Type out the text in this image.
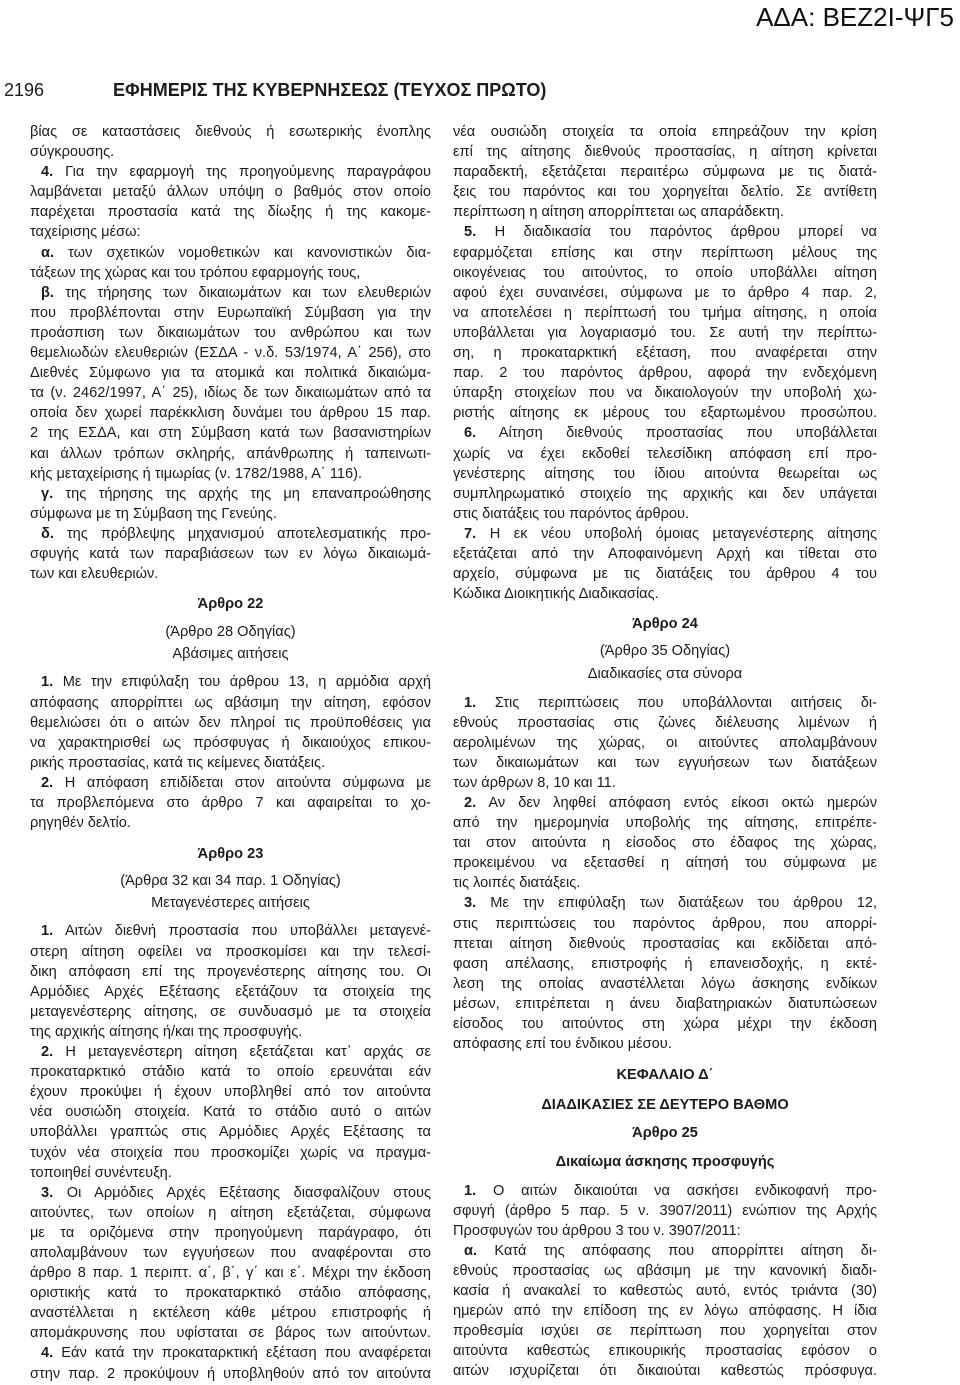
ΑΔΑ: ΒΕΖ2Ι-ΨΓ5
2196	ΕΦΗΜΕΡΙΣ ΤΗΣ ΚΥΒΕΡΝΗΣΕΩΣ (ΤΕΥΧΟΣ ΠΡΩΤΟ)
βίας σε καταστάσεις διεθνούς ή εσωτερικής ένοπλης
σύγκρουσης.
4. Για την εφαρμογή της προηγούμενης παραγράφου
λαμβάνεται μεταξύ άλλων υπόψη ο βαθμός στον οποίο
παρέχεται προστασία κατά της δίωξης ή της κακομε-
ταχείρισης μέσω:
α. των σχετικών νομοθετικών και κανονιστικών δια-
τάξεων της χώρας και του τρόπου εφαρμογής τους,
β. της τήρησης των δικαιωμάτων και των ελευθεριών
που προβλέπονται στην Ευρωπαϊκή Σύμβαση για την
προάσπιση των δικαιωμάτων του ανθρώπου και των
θεμελιωδών ελευθεριών (ΕΣΔΑ - ν.δ. 53/1974, Α΄ 256), στο
Διεθνές Σύμφωνο για τα ατομικά και πολιτικά δικαιώμα-
τα (ν. 2462/1997, Α΄ 25), ιδίως δε των δικαιωμάτων από τα
οποία δεν χωρεί παρέκκλιση δυνάμει του άρθρου 15 παρ.
2 της ΕΣΔΑ, και στη Σύμβαση κατά των βασανιστηρίων
και άλλων τρόπων σκληρής, απάνθρωπης ή ταπεινωτι-
κής μεταχείρισης ή τιμωρίας (ν. 1782/1988, Α΄ 116).
γ. της τήρησης της αρχής της μη επαναπροώθησης
σύμφωνα με τη Σύμβαση της Γενεύης.
δ. της πρόβλεψης μηχανισμού αποτελεσματικής προ-
σφυγής κατά των παραβιάσεων των εν λόγω δικαιωμά-
των και ελευθεριών.
Άρθρο 22
(Άρθρο 28 Οδηγίας)
Αβάσιμες αιτήσεις
1. Με την επιφύλαξη του άρθρου 13, η αρμόδια αρχή
απόφασης απορρίπτει ως αβάσιμη την αίτηση, εφόσον
θεμελιώσει ότι ο αιτών δεν πληροί τις προϋποθέσεις για
να χαρακτηρισθεί ως πρόσφυγας ή δικαιούχος επικου-
ρικής προστασίας, κατά τις κείμενες διατάξεις.
2. Η απόφαση επιδίδεται στον αιτούντα σύμφωνα με
τα προβλεπόμενα στο άρθρο 7 και αφαιρείται το χο-
ρηγηθέν δελτίο.
Άρθρο 23
(Άρθρα 32 και 34 παρ. 1 Οδηγίας)
Μεταγενέστερες αιτήσεις
1. Αιτών διεθνή προστασία που υποβάλλει μεταγενέ-
στερη αίτηση οφείλει να προσκομίσει και την τελεσί-
δικη απόφαση επί της προγενέστερης αίτησης του. Οι
Αρμόδιες Αρχές Εξέτασης εξετάζουν τα στοιχεία της
μεταγενέστερης αίτησης, σε συνδυασμό με τα στοιχεία
της αρχικής αίτησης ή/και της προσφυγής.
2. Η μεταγενέστερη αίτηση εξετάζεται κατ᾽ αρχάς σε
προκαταρκτικό στάδιο κατά το οποίο ερευνάται εάν
έχουν προκύψει ή έχουν υποβληθεί από τον αιτούντα
νέα ουσιώδη στοιχεία. Κατά το στάδιο αυτό ο αιτών
υποβάλλει γραπτώς στις Αρμόδιες Αρχές Εξέτασης τα
τυχόν νέα στοιχεία που προσκομίζει χωρίς να πραγμα-
τοποιηθεί συνέντευξη.
3. Οι Αρμόδιες Αρχές Εξέτασης διασφαλίζουν στους
αιτούντες, των οποίων η αίτηση εξετάζεται, σύμφωνα
με τα οριζόμενα στην προηγούμενη παράγραφο, ότι
απολαμβάνουν των εγγυήσεων που αναφέρονται στο
άρθρο 8 παρ. 1 περιπτ. α΄, β΄, γ΄ και ε΄. Μέχρι την έκδοση
οριστικής κατά το προκαταρκτικό στάδιο απόφασης,
αναστέλλεται η εκτέλεση κάθε μέτρου επιστροφής ή
απομάκρυνσης που υφίσταται σε βάρος των αιτούντων.
4. Εάν κατά την προκαταρκτική εξέταση που αναφέρεται
στην παρ. 2 προκύψουν ή υποβληθούν από τον αιτούντα
νέα ουσιώδη στοιχεία τα οποία επηρεάζουν την κρίση
επί της αίτησης διεθνούς προστασίας, η αίτηση κρίνεται
παραδεκτή, εξετάζεται περαιτέρω σύμφωνα με τις διατά-
ξεις του παρόντος και του χορηγείται δελτίο. Σε αντίθετη
περίπτωση η αίτηση απορρίπτεται ως απαράδεκτη.
5. Η διαδικασία του παρόντος άρθρου μπορεί να
εφαρμόζεται επίσης και στην περίπτωση μέλους της
οικογένειας του αιτούντος, το οποίο υποβάλλει αίτηση
αφού έχει συναινέσει, σύμφωνα με το άρθρο 4 παρ. 2,
να αποτελέσει η περίπτωσή του τμήμα αίτησης, η οποία
υποβάλλεται για λογαριασμό του. Σε αυτή την περίπτω-
ση, η προκαταρκτική εξέταση, που αναφέρεται στην
παρ. 2 του παρόντος άρθρου, αφορά την ενδεχόμενη
ύπαρξη στοιχείων που να δικαιολογούν την υποβολή χω-
ριστής αίτησης εκ μέρους του εξαρτωμένου προσώπου.
6. Αίτηση διεθνούς προστασίας που υποβάλλεται
χωρίς να έχει εκδοθεί τελεσίδικη απόφαση επί προ-
γενέστερης αίτησης του ίδιου αιτούντα θεωρείται ως
συμπληρωματικό στοιχείο της αρχικής και δεν υπάγεται
στις διατάξεις του παρόντος άρθρου.
7. Η εκ νέου υποβολή όμοιας μεταγενέστερης αίτησης
εξετάζεται από την Αποφαινόμενη Αρχή και τίθεται στο
αρχείο, σύμφωνα με τις διατάξεις του άρθρου 4 του
Κώδικα Διοικητικής Διαδικασίας.
Άρθρο 24
(Άρθρο 35 Οδηγίας)
Διαδικασίες στα σύνορα
1. Στις περιπτώσεις που υποβάλλονται αιτήσεις δι-
εθνούς προστασίας στις ζώνες διέλευσης λιμένων ή
αερολιμένων της χώρας, οι αιτούντες απολαμβάνουν
των δικαιωμάτων και των εγγυήσεων των διατάξεων
των άρθρων 8, 10 και 11.
2. Αν δεν ληφθεί απόφαση εντός είκοσι οκτώ ημερών
από την ημερομηνία υποβολής της αίτησης, επιτρέπε-
ται στον αιτούντα η είσοδος στο έδαφος της χώρας,
προκειμένου να εξετασθεί η αίτησή του σύμφωνα με
τις λοιπές διατάξεις.
3. Με την επιφύλαξη των διατάξεων του άρθρου 12,
στις περιπτώσεις του παρόντος άρθρου, που απορρί-
πτεται αίτηση διεθνούς προστασίας και εκδίδεται από-
φαση απέλασης, επιστροφής ή επανεισδοχής, η εκτέ-
λεση της οποίας αναστέλλεται λόγω άσκησης ενδίκων
μέσων, επιτρέπεται η άνευ διαβατηριακών διατυπώσεων
είσοδος του αιτούντος στη χώρα μέχρι την έκδοση
απόφασης επί του ένδικου μέσου.
ΚΕΦΑΛΑΙΟ Δ΄
ΔΙΑΔΙΚΑΣΙΕΣ ΣΕ ΔΕΥΤΕΡΟ ΒΑΘΜΟ
Άρθρο 25
Δικαίωμα άσκησης προσφυγής
1. Ο αιτών δικαιούται να ασκήσει ενδικοφανή προ-
σφυγή (άρθρο 5 παρ. 5 ν. 3907/2011) ενώπιον της Αρχής
Προσφυγών του άρθρου 3 του ν. 3907/2011:
α. Κατά της απόφασης που απορρίπτει αίτηση δι-
εθνούς προστασίας ως αβάσιμη με την κανονική διαδι-
κασία ή ανακαλεί το καθεστώς αυτό, εντός τριάντα (30)
ημερών από την επίδοση της εν λόγω απόφασης. Η ίδια
προθεσμία ισχύει σε περίπτωση που χορηγείται στον
αιτούντα καθεστώς επικουρικής προστασίας εφόσον ο
αιτών ισχυρίζεται ότι δικαιούται καθεστώς πρόσφυγα.
